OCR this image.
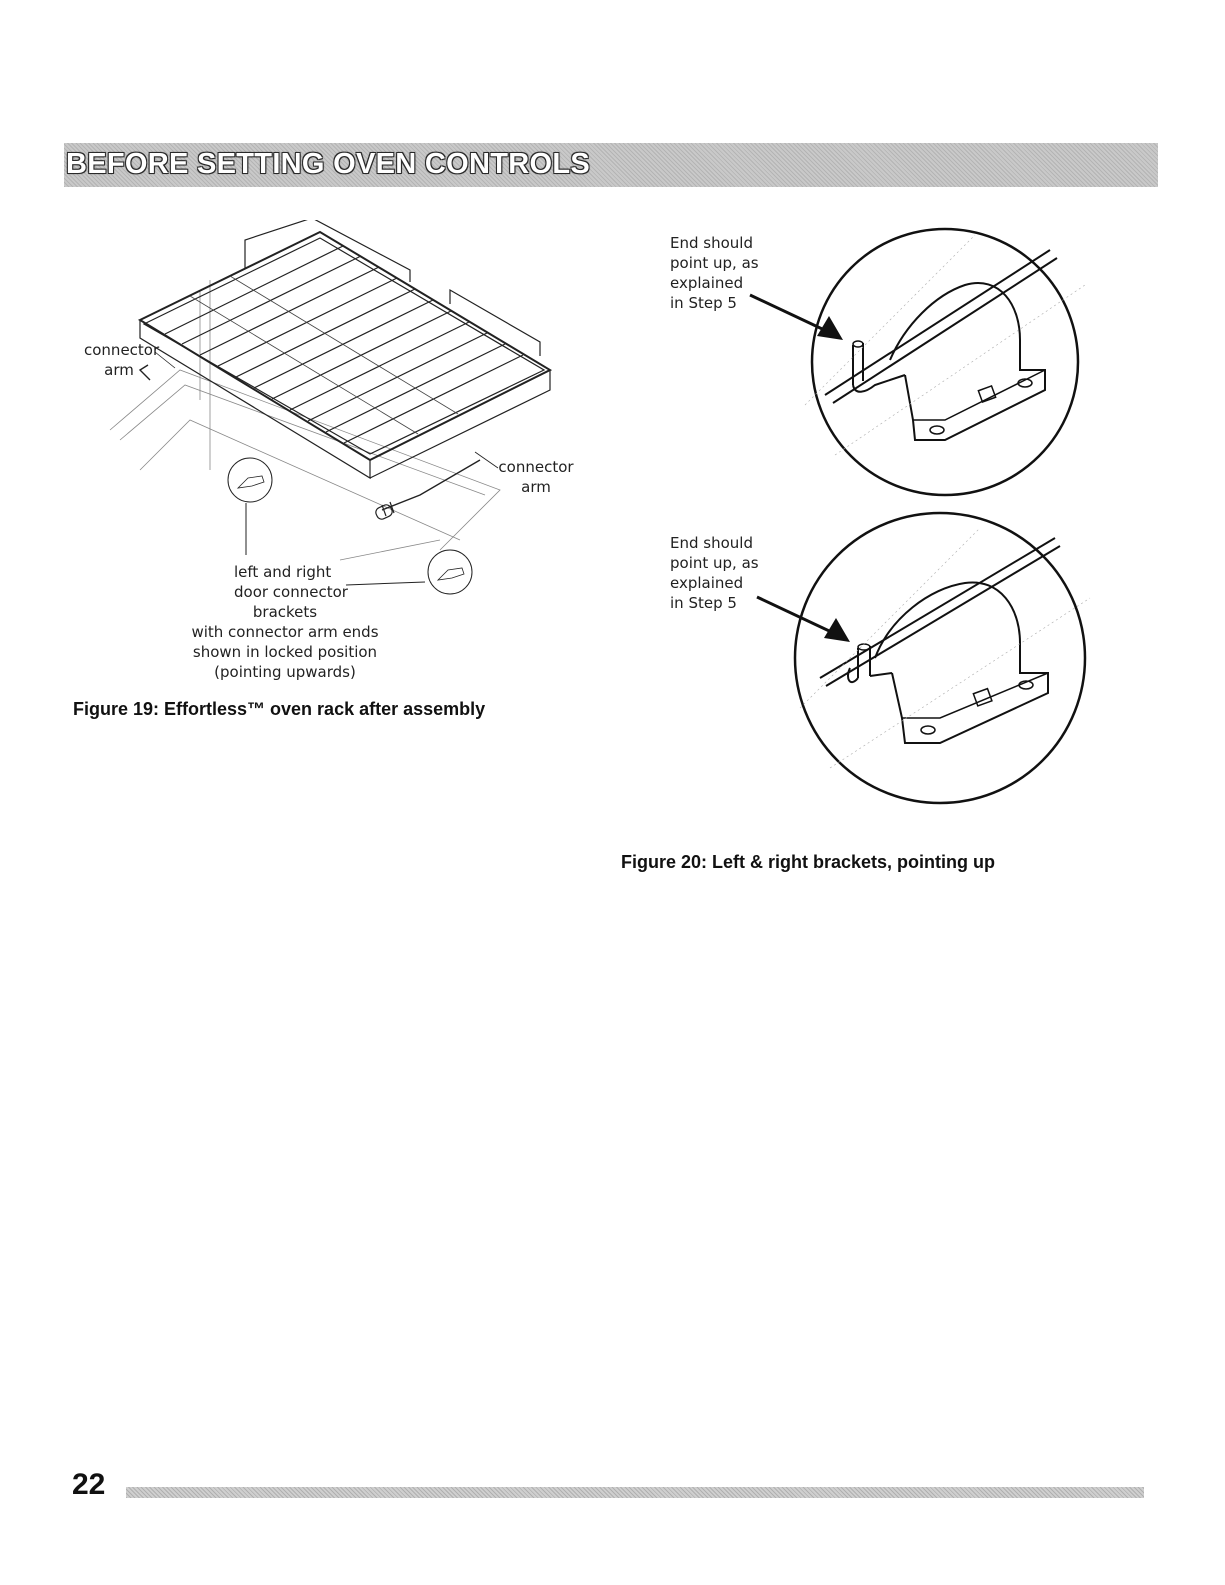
BEFORE SETTING OVEN CONTROLS
connector
arm
connector
arm
left and right
door connector
brackets
with connector arm ends
shown in locked position
(pointing upwards)
Figure 19: Effortless™ oven rack after assembly
End should
point up, as
explained
in Step 5
End should
point up, as
explained
in Step 5
Figure 20: Left & right brackets, pointing up
22
